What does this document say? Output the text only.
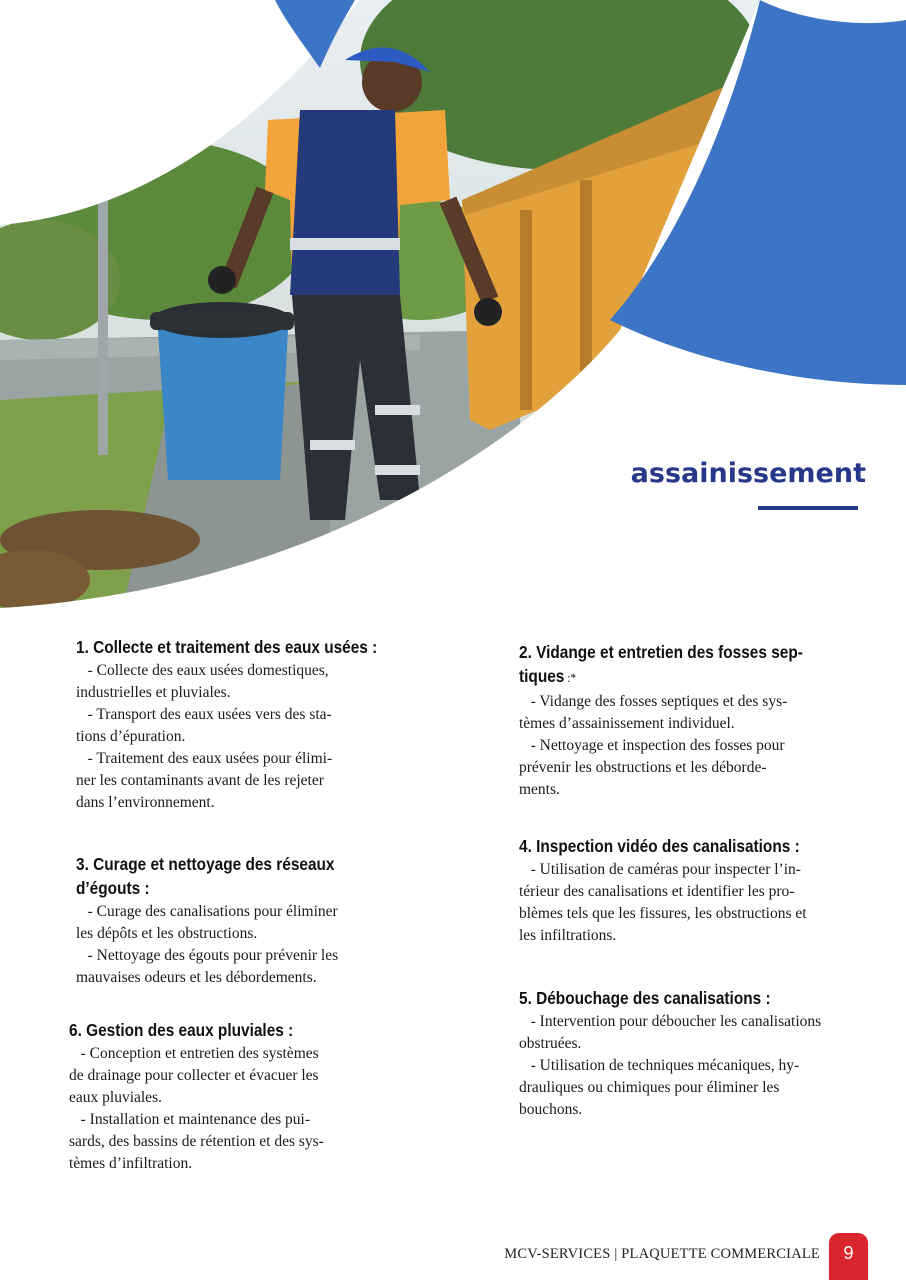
assainissement
1. Collecte et traitement des eaux usées :

- Collecte des eaux usées domestiques,

industrielles et pluviales.

- Transport des eaux usées vers des sta-

tions d’épuration.

- Traitement des eaux usées pour élimi-

ner les contaminants avant de les rejeter

dans l’environnement.

2. Vidange et entretien des fosses sep-
tiques :*

- Vidange des fosses septiques et des sys-

tèmes d’assainissement individuel.

- Nettoyage et inspection des fosses pour

prévenir les obstructions et les déborde-

ments.

3. Curage et nettoyage des réseaux
d’égouts :

- Curage des canalisations pour éliminer

les dépôts et les obstructions.

- Nettoyage des égouts pour prévenir les

mauvaises odeurs et les débordements.

4. Inspection vidéo des canalisations :

- Utilisation de caméras pour inspecter l’in-

térieur des canalisations et identifier les pro-

blèmes tels que les fissures, les obstructions et

les infiltrations.

5. Débouchage des canalisations :

- Intervention pour déboucher les canalisations

obstruées.

- Utilisation de techniques mécaniques, hy-

drauliques ou chimiques pour éliminer les

bouchons.

6. Gestion des eaux pluviales :

- Conception et entretien des systèmes

de drainage pour collecter et évacuer les

eaux pluviales.

- Installation et maintenance des pui-

sards, des bassins de rétention et des sys-

tèmes d’infiltration.

MCV-SERVICES | PLAQUETTE COMMERCIALE	9
